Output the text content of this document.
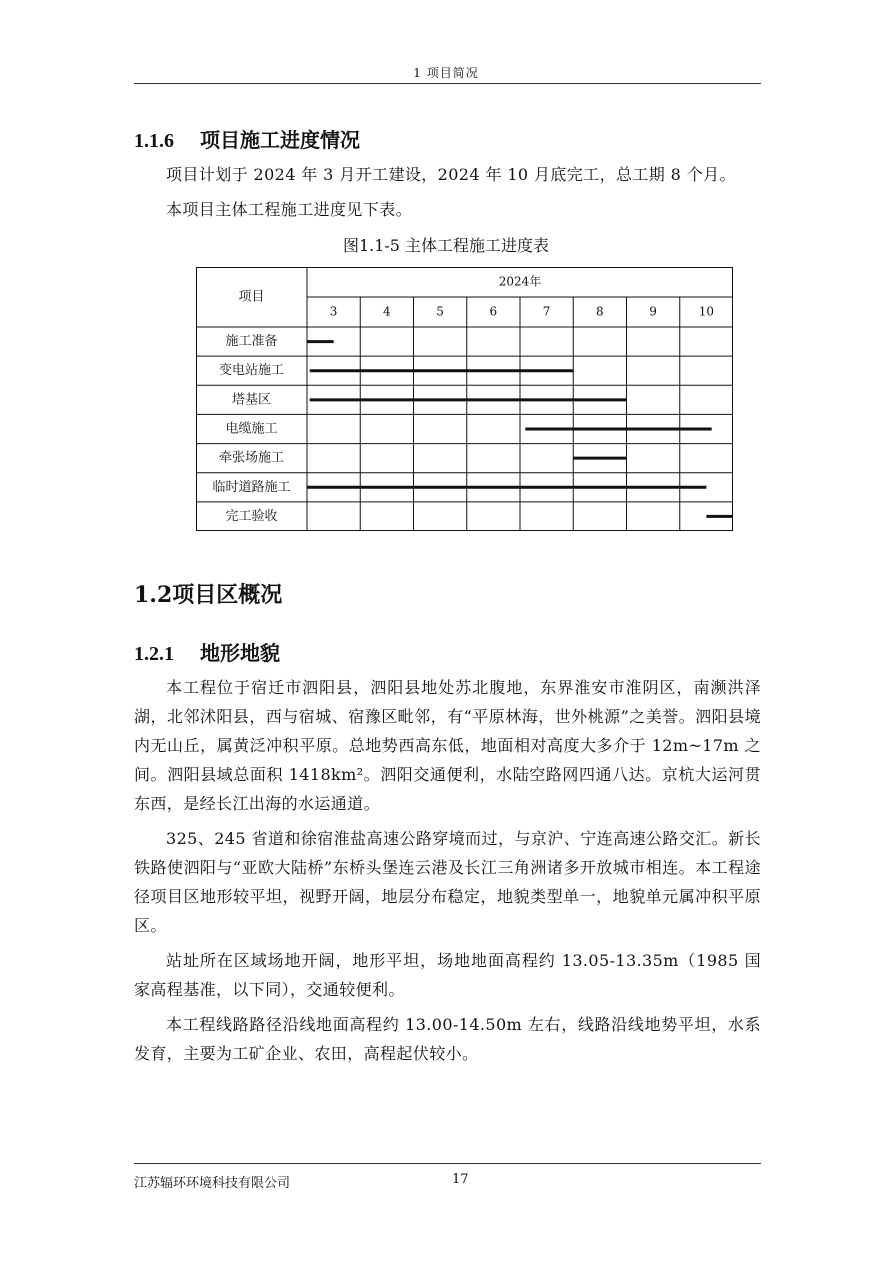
1 项目简况
1.1.6 项目施工进度情况
项目计划于 2024 年 3 月开工建设，2024 年 10 月底完工，总工期 8 个月。
本项目主体工程施工进度见下表。
图1.1-5 主体工程施工进度表
项目
2024年
3	4	5	6	7	8	9	10
施工准备
变电站施工
塔基区
电缆施工
牵张场施工
临时道路施工
完工验收
1.2项目区概况
1.2.1 地形地貌

本工程位于宿迁市泗阳县，泗阳县地处苏北腹地，东界淮安市淮阴区，南濒洪泽湖，北邻沭阳县，西与宿城、宿豫区毗邻，有“平原林海，世外桃源”之美誉。泗阳县境内无山丘，属黄泛冲积平原。总地势西高东低，地面相对高度大多介于 12m~17m 之间。泗阳县域总面积 1418km²。泗阳交通便利，水陆空路网四通八达。京杭大运河贯东西，是经长江出海的水运通道。

325、245 省道和徐宿淮盐高速公路穿境而过，与京沪、宁连高速公路交汇。新长铁路使泗阳与“亚欧大陆桥”东桥头堡连云港及长江三角洲诸多开放城市相连。本工程途径项目区地形较平坦，视野开阔，地层分布稳定，地貌类型单一，地貌单元属冲积平原区。

站址所在区域场地开阔，地形平坦，场地地面高程约 13.05-13.35m（1985 国家高程基准，以下同），交通较便利。

本工程线路路径沿线地面高程约 13.00-14.50m 左右，线路沿线地势平坦，水系发育，主要为工矿企业、农田，高程起伏较小。

江苏辐环环境科技有限公司	17
